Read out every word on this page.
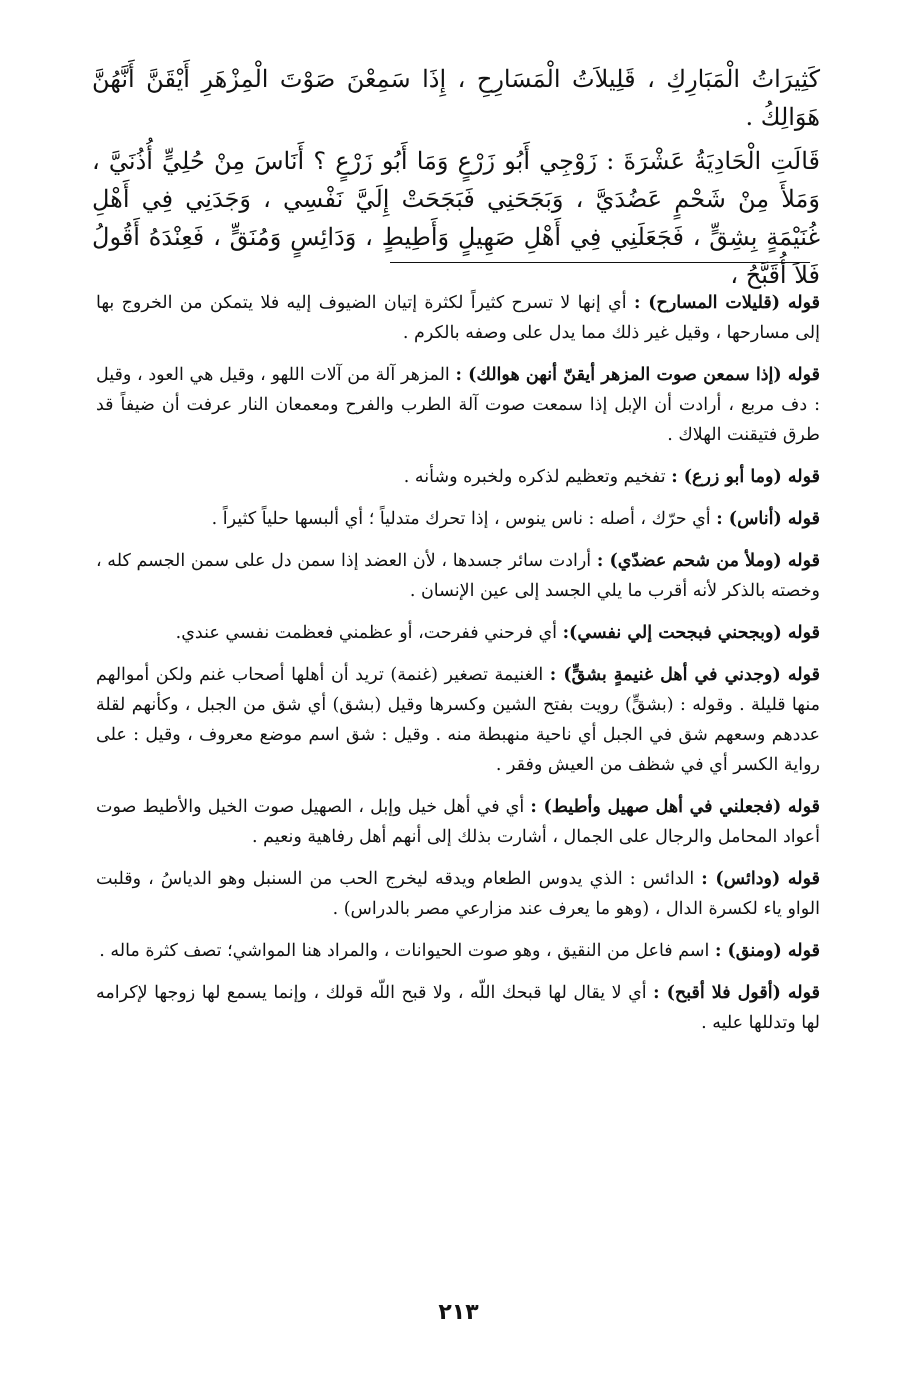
كَثِيرَاتُ الْمَبَارِكِ ، قَلِيلاَتُ الْمَسَارِحِ ، إِذَا سَمِعْنَ صَوْتَ الْمِزْهَرِ أَيْقَنَّ أَنَّهُنَّ هَوَالِكُ .

قَالَتِ الْحَادِيَةُ عَشْرَةَ : زَوْجِي أَبُو زَرْعٍ وَمَا أَبُو زَرْعٍ ؟ أَنَاسَ مِنْ حُلِيٍّ أُذُنَيَّ ، وَمَلأَ مِنْ شَحْمٍ عَضُدَيَّ ، وَبَجَحَنِي فَبَجَحَتْ إِلَيَّ نَفْسِي ، وَجَدَنِي فِي أَهْلِ غُنَيْمَةٍ بِشِقٍّ ، فَجَعَلَنِي فِي أَهْلِ صَهِيلٍ وَأَطِيطٍ ، وَدَائِسٍ وَمُنَقٍّ ، فَعِنْدَهُ أَقُولُ فَلاَ أُقَبَّحُ ،

قوله (قليلات المسارح) : أي إنها لا تسرح كثيراً لكثرة إتيان الضيوف إليه فلا يتمكن من الخروج بها إلى مسارحها ، وقيل غير ذلك مما يدل على وصفه بالكرم .

قوله (إذا سمعن صوت المزهر أيقنّ أنهن هوالك) : المزهر آلة من آلات اللهو ، وقيل هي العود ، وقيل : دف مربع ، أرادت أن الإبل إذا سمعت صوت آلة الطرب والفرح ومعمعان النار عرفت أن ضيفاً قد طرق فتيقنت الهلاك .

قوله (وما أبو زرع) : تفخيم وتعظيم لذكره ولخبره وشأنه .

قوله (أناس) : أي حرّك ، أصله : ناس ينوس ، إذا تحرك متدلياً ؛ أي ألبسها حلياً كثيراً .

قوله (وملأ من شحم عضدّي) : أرادت سائر جسدها ، لأن العضد إذا سمن دل على سمن الجسم كله ، وخصته بالذكر لأنه أقرب ما يلي الجسد إلى عين الإنسان .

قوله (وبجحني فبجحت إلي نفسي): أي فرحني ففرحت، أو عظمني فعظمت نفسي عندي.

قوله (وجدني في أهل غنيمةٍ بشقٍّ) : الغنيمة تصغير (غنمة) تريد أن أهلها أصحاب غنم ولكن أموالهم منها قليلة . وقوله : (بشقٍّ) رويت بفتح الشين وكسرها وقيل (بشق) أي شق من الجبل ، وكأنهم لقلة عددهم وسعهم شق في الجبل أي ناحية منهبطة منه . وقيل : شق اسم موضع معروف ، وقيل : على رواية الكسر أي في شظف من العيش وفقر .

قوله (فجعلني في أهل صهيل وأطيط) : أي في أهل خيل وإبل ، الصهيل صوت الخيل والأطيط صوت أعواد المحامل والرجال على الجمال ، أشارت بذلك إلى أنهم أهل رفاهية ونعيم .

قوله (ودائس) : الدائس : الذي يدوس الطعام ويدقه ليخرج الحب من السنبل وهو الدياسُ ، وقلبت الواو ياء لكسرة الدال ، (وهو ما يعرف عند مزارعي مصر بالدراس) .

قوله (ومنق) : اسم فاعل من النقيق ، وهو صوت الحيوانات ، والمراد هنا المواشي؛ تصف كثرة ماله .

قوله (أقول فلا أقبح) : أي لا يقال لها قبحك اللّه ، ولا قبح اللّه قولك ، وإنما يسمع لها زوجها لإكرامه لها وتدللها عليه .

٢١٣
